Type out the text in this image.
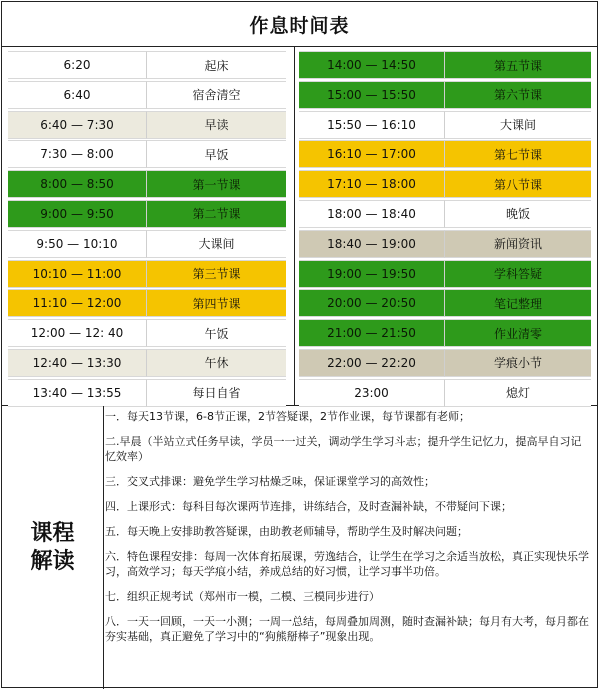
作息时间表
6:20	起床
6:40	宿舍清空
6:40 — 7:30	早读
7:30 — 8:00	早饭
8:00 — 8:50	第一节课
9:00 — 9:50	第二节课
9:50 — 10:10	大课间
10:10 — 11:00	第三节课
11:10 — 12:00	第四节课
12:00 — 12: 40	午饭
12:40 — 13:30	午休
13:40 — 13:55	每日自省
14:00 — 14:50	第五节课
15:00 — 15:50	第六节课
15:50 — 16:10	大课间
16:10 — 17:00	第七节课
17:10 — 18:00	第八节课
18:00 — 18:40	晚饭
18:40 — 19:00	新闻资讯
19:00 — 19:50	学科答疑
20:00 — 20:50	笔记整理
21:00 — 21:50	作业清零
22:00 — 22:20	学痕小节
23:00	熄灯
课程解读
一．每天13节课，6-8节正课，2节答疑课，2节作业课，每节课都有老师；
二.早晨（半站立式任务早读，学员一一过关，调动学生学习斗志；提升学生记忆力，提高早自习记忆效率）
三．交叉式排课：避免学生学习枯燥乏味，保证课堂学习的高效性；
四．上课形式：每科目每次课两节连排，讲练结合，及时查漏补缺，不带疑问下课；
五．每天晚上安排助教答疑课，由助教老师辅导，帮助学生及时解决问题；
六．特色课程安排：每周一次体育拓展课，劳逸结合，让学生在学习之余适当放松，真正实现快乐学习，高效学习；每天学痕小结，养成总结的好习惯，让学习事半功倍。
七．组织正规考试（郑州市一模，二模、三模同步进行）
八．一天一回顾，一天一小测；一周一总结，每周叠加周测，随时查漏补缺；每月有大考，每月都在夯实基础，真正避免了学习中的“狗熊掰棒子”现象出现。
